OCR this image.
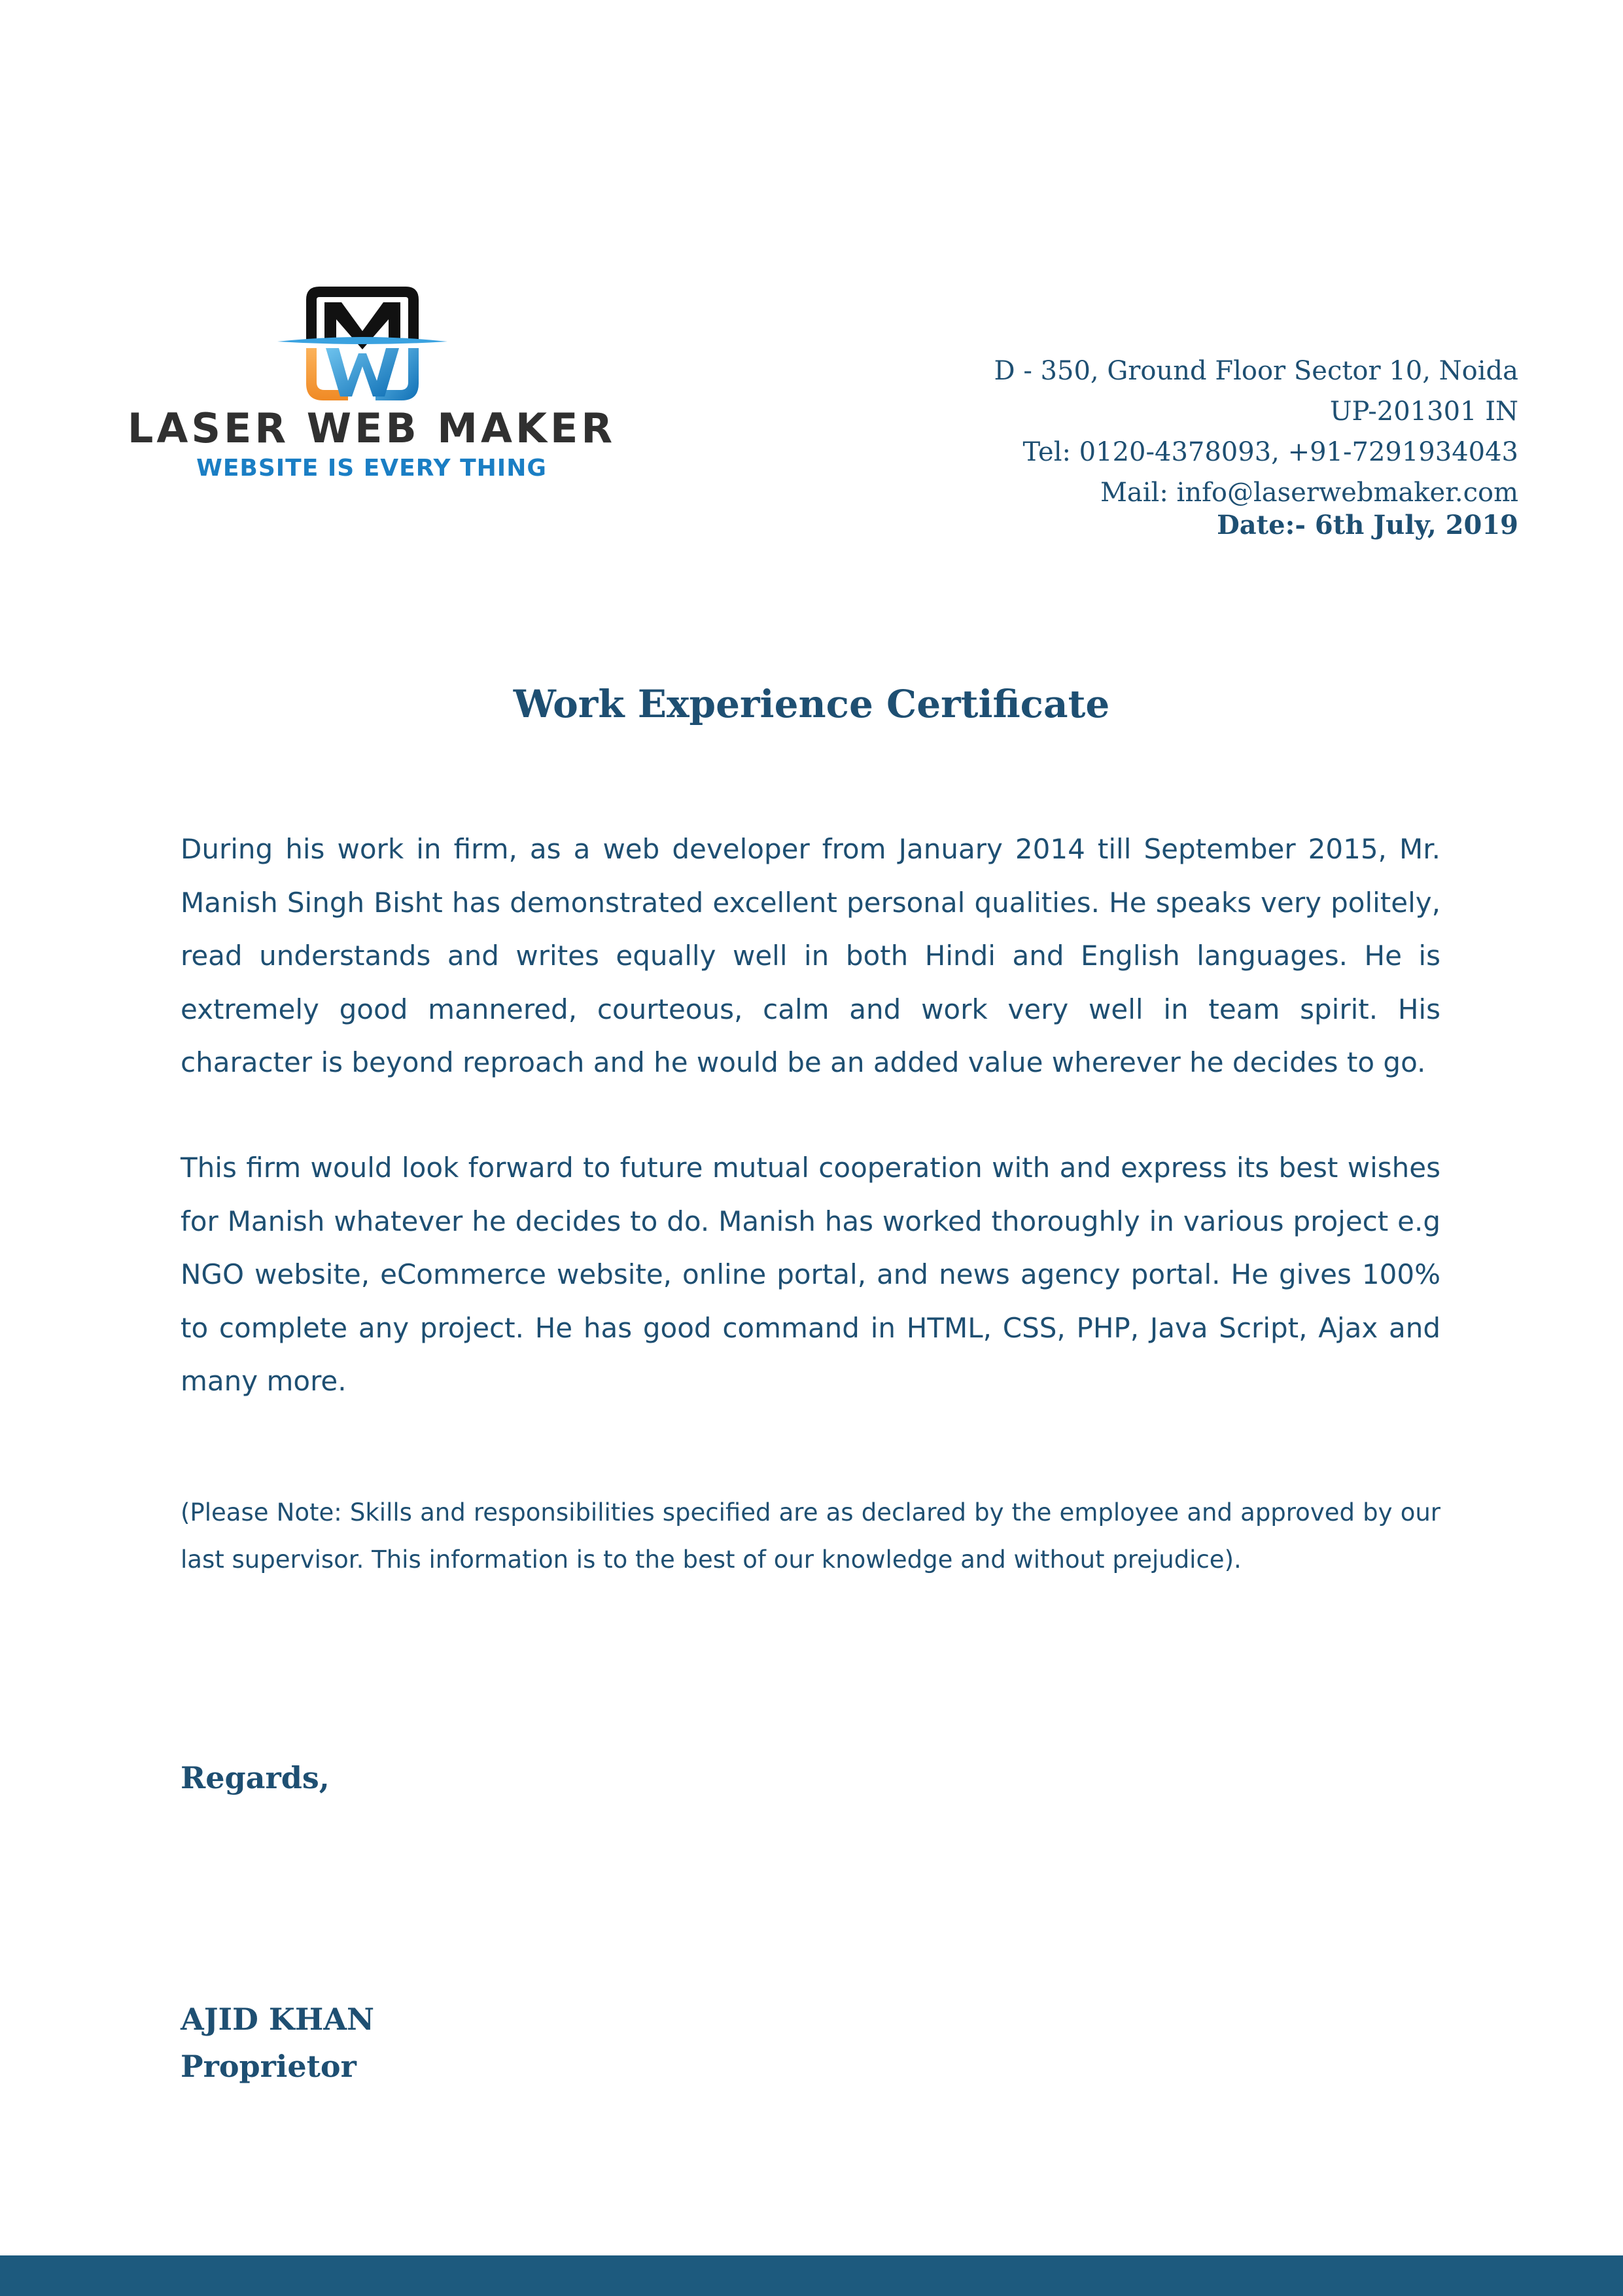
LASER WEB MAKER
WEBSITE IS EVERY THING
D - 350, Ground Floor Sector 10, Noida
UP-201301 IN
Tel: 0120-4378093, +91-7291934043
Mail: info@laserwebmaker.com
Date:- 6th July, 2019
Work Experience Certificate

During his work in firm, as a web developer from January 2014 till September 2015, Mr. Manish Singh Bisht has demonstrated excellent personal qualities. He speaks very politely, read understands and writes equally well in both Hindi and English languages. He is extremely good mannered, courteous, calm and work very well in team spirit. His character is beyond reproach and he would be an added value wherever he decides to go.

This firm would look forward to future mutual cooperation with and express its best wishes for Manish whatever he decides to do. Manish has worked thoroughly in various project e.g NGO website, eCommerce website, online portal, and news agency portal. He gives 100% to complete any project. He has good command in HTML, CSS, PHP, Java Script, Ajax and many more.

(Please Note: Skills and responsibilities specified are as declared by the employee and approved by our last supervisor. This information is to the best of our knowledge and without prejudice).

Regards,
AJID KHAN
Proprietor
